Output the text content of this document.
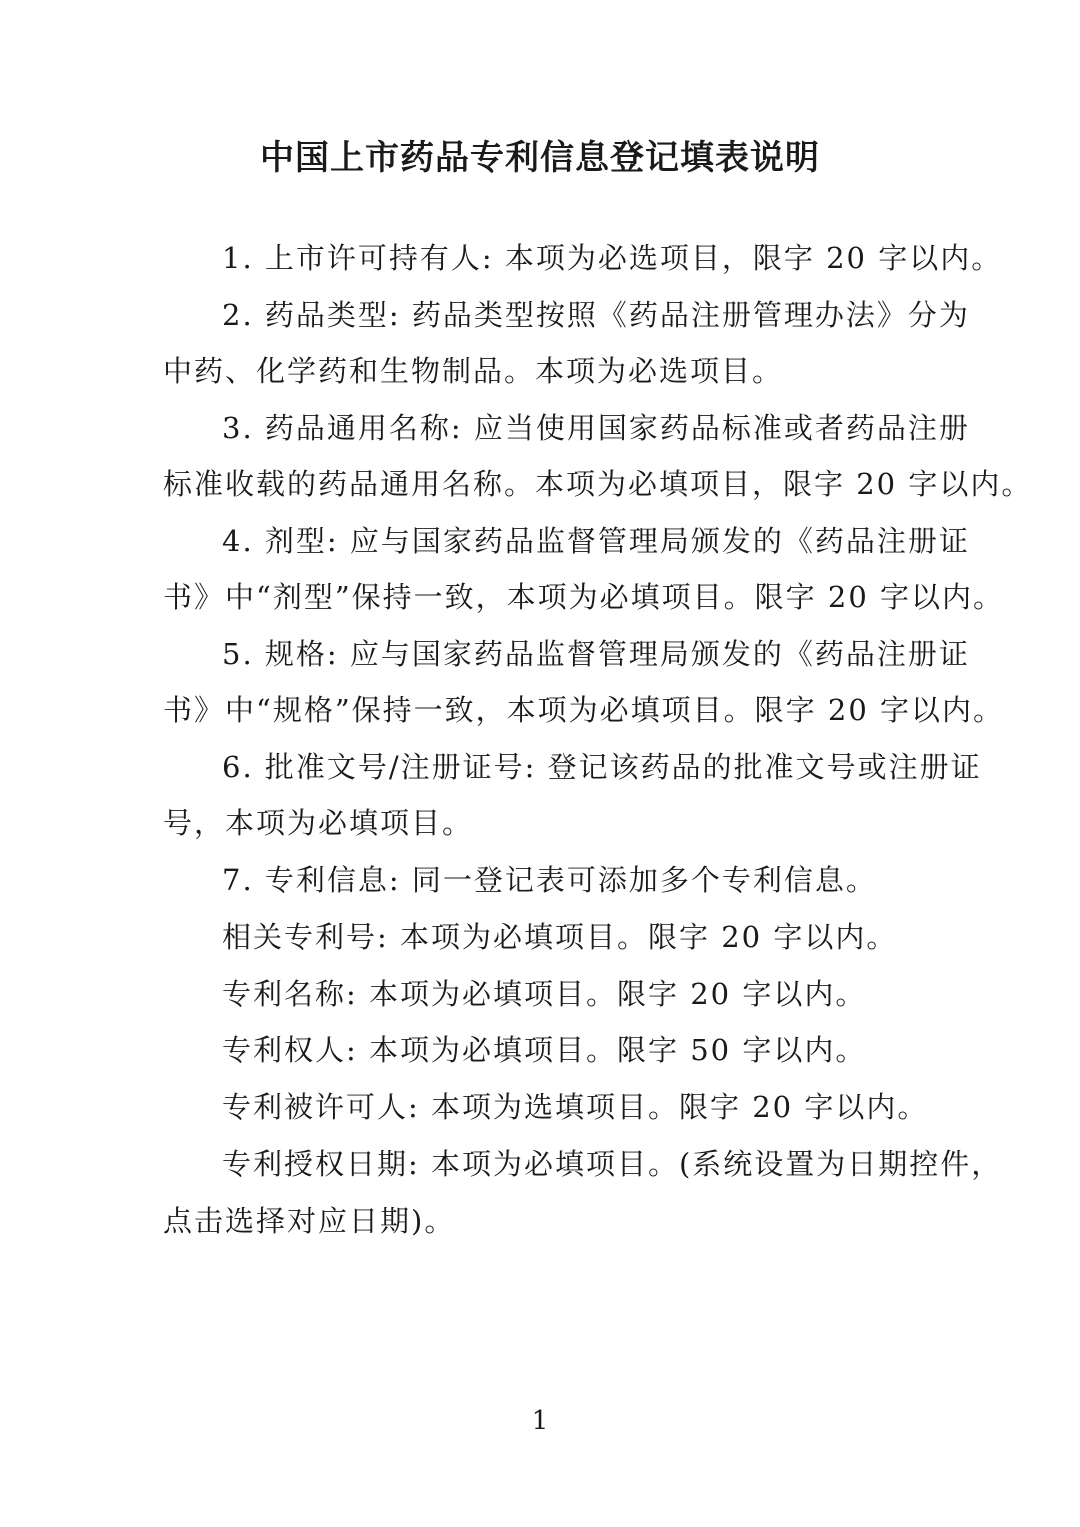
中国上市药品专利信息登记填表说明
1. 上市许可持有人: 本项为必选项目，限字 20 字以内。
2. 药品类型: 药品类型按照《药品注册管理办法》分为
中药、化学药和生物制品。本项为必选项目。
3. 药品通用名称: 应当使用国家药品标准或者药品注册
标准收载的药品通用名称。本项为必填项目，限字 20 字以内。
4. 剂型: 应与国家药品监督管理局颁发的《药品注册证
书》中“剂型”保持一致，本项为必填项目。限字 20 字以内。
5. 规格: 应与国家药品监督管理局颁发的《药品注册证
书》中“规格”保持一致，本项为必填项目。限字 20 字以内。
6. 批准文号/注册证号: 登记该药品的批准文号或注册证
号，本项为必填项目。
7. 专利信息: 同一登记表可添加多个专利信息。
相关专利号: 本项为必填项目。限字 20 字以内。
专利名称: 本项为必填项目。限字 20 字以内。
专利权人: 本项为必填项目。限字 50 字以内。
专利被许可人: 本项为选填项目。限字 20 字以内。
专利授权日期: 本项为必填项目。(系统设置为日期控件，
点击选择对应日期)。
1
